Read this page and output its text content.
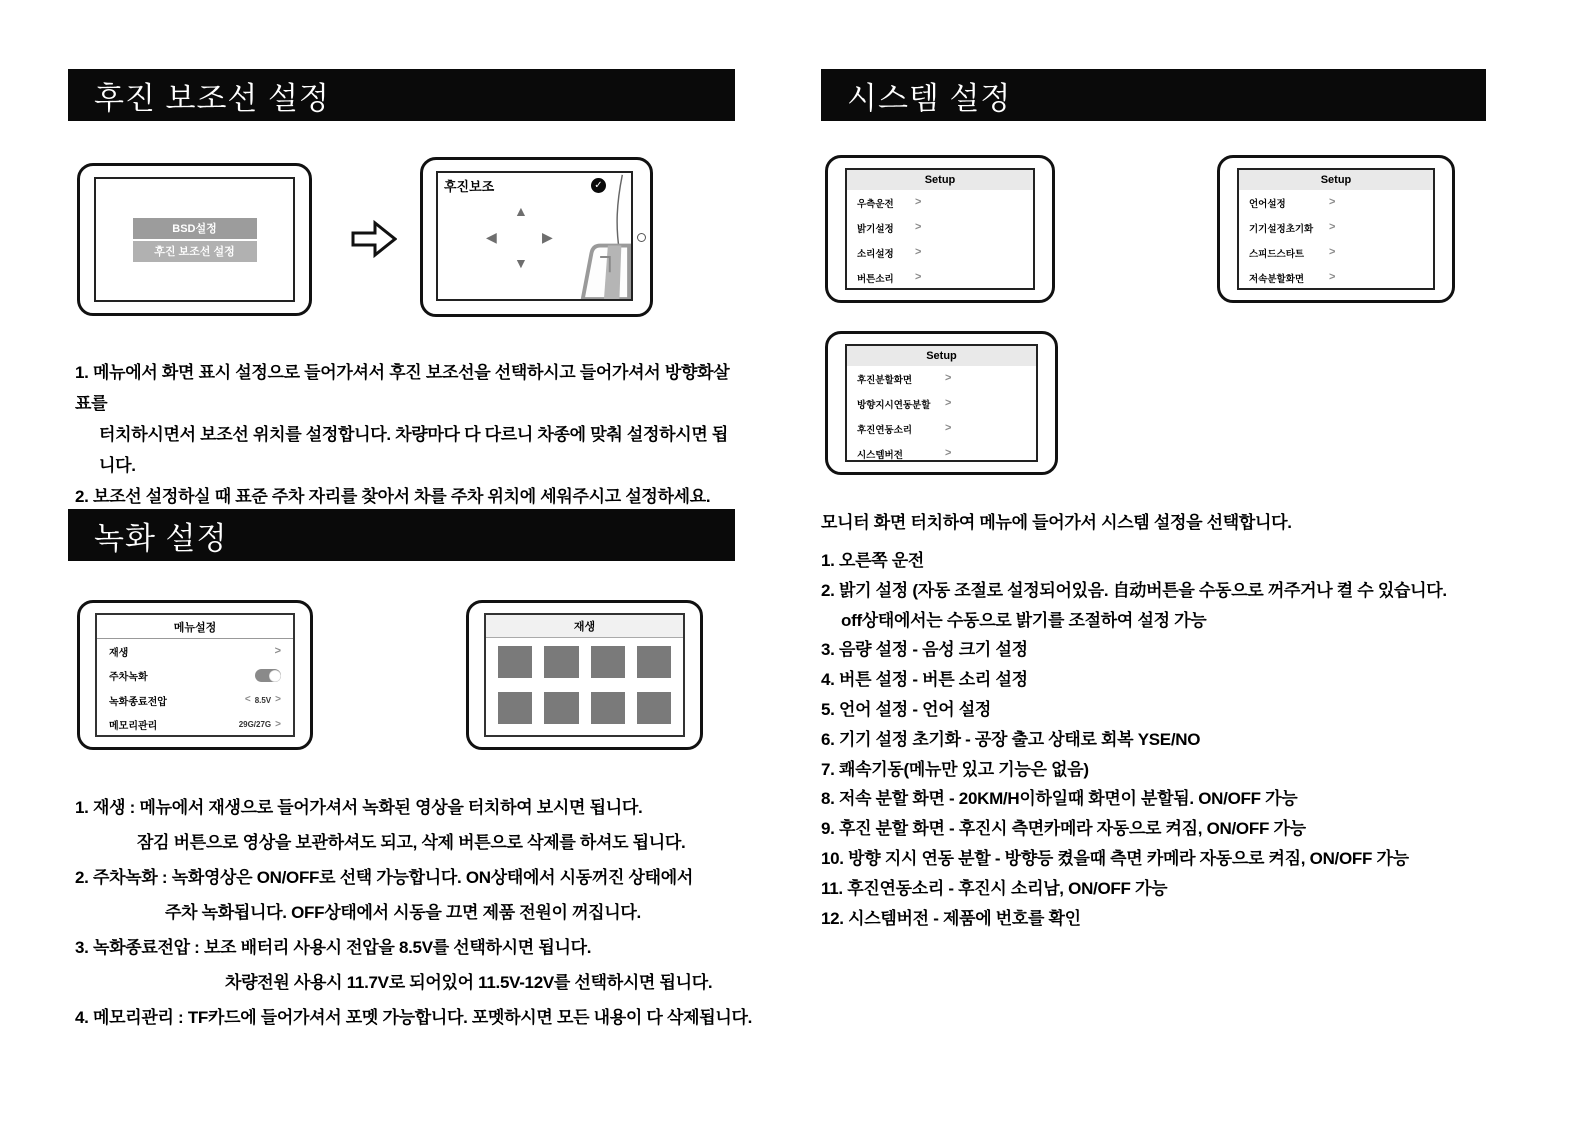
후진 보조선 설정
BSD설정
후진 보조선 설정
후진보조	✓
▲
◀	▶
▼
1. 메뉴에서 화면 표시 설정으로 들어가셔서 후진 보조선을 선택하시고 들어가셔서 방향화살표를
터치하시면서 보조선 위치를 설정합니다. 차량마다 다 다르니 차종에 맞춰 설정하시면 됩니다.
2. 보조선 설정하실 때 표준 주차 자리를 찾아서 차를 주차 위치에 세워주시고 설정하세요.
녹화 설정
메뉴설정
재생	>
주차녹화
녹화종료전압	< 8.5V >
메모리관리	29G/27G >
재생
1. 재생 : 메뉴에서 재생으로 들어가셔서 녹화된 영상을 터치하여 보시면 됩니다.
잠김 버튼으로 영상을 보관하셔도 되고, 삭제 버튼으로 삭제를 하셔도 됩니다.
2. 주차녹화 : 녹화영상은 ON/OFF로 선택 가능합니다. ON상태에서 시동꺼진 상태에서
주차 녹화됩니다. OFF상태에서 시동을 끄면 제품 전원이 꺼집니다.
3. 녹화종료전압 : 보조 배터리 사용시 전압을 8.5V를 선택하시면 됩니다.
차량전원 사용시 11.7V로 되어있어 11.5V-12V를 선택하시면 됩니다.
4. 메모리관리 : TF카드에 들어가셔서 포멧 가능합니다. 포멧하시면 모든 내용이 다 삭제됩니다.
시스템 설정
Setup
우측운전	>
밝기설정	>
소리설정	>
버튼소리	>
Setup
언어설정	>
기기설정초기화	>
스피드스타트	>
저속분할화면	>
Setup
후진분할화면	>
방향지시연동분할	>
후진연동소리	>
시스템버전	>
모니터 화면 터치하여 메뉴에 들어가서 시스템 설정을 선택합니다.
1. 오른쪽 운전
2. 밝기 설정 (자동 조절로 설정되어있음. 自动버튼을 수동으로 꺼주거나 켤 수 있습니다.
off상태에서는 수동으로 밝기를 조절하여 설정 가능
3. 음량 설정 - 음성 크기 설정
4. 버튼 설정 - 버튼 소리 설정
5. 언어 설정 - 언어 설정
6. 기기 설정 초기화 - 공장 출고 상태로 회복 YSE/NO
7. 쾌속기동(메뉴만 있고 기능은 없음)
8. 저속 분할 화면 - 20KM/H이하일때 화면이 분할됨. ON/OFF 가능
9. 후진 분할 화면 - 후진시 측면카메라 자동으로 켜짐, ON/OFF 가능
10. 방향 지시 연동 분할 - 방향등 켰을때 측면 카메라 자동으로 켜짐, ON/OFF 가능
11. 후진연동소리 - 후진시 소리남, ON/OFF 가능
12. 시스템버전 - 제품에 번호를 확인
